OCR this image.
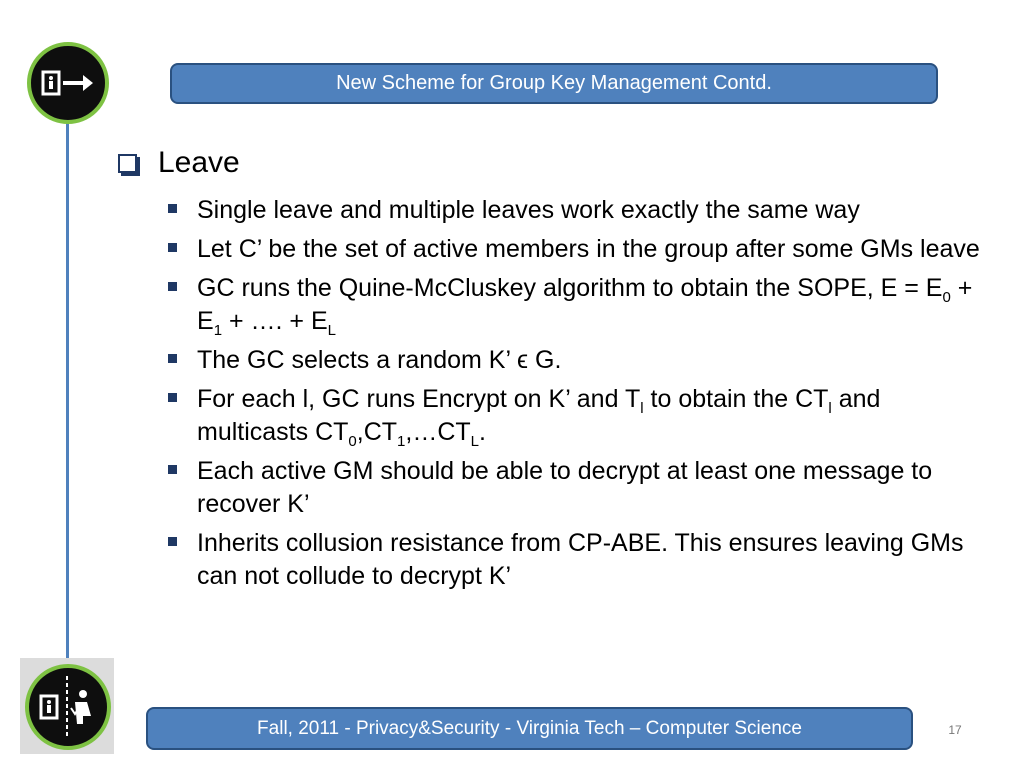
New Scheme for Group Key Management Contd.
Leave
Single leave and multiple leaves work exactly the same way
Let C’ be the set of active members in the group after some GMs leave
GC runs the Quine-McCluskey algorithm to obtain the SOPE, $E = E_0 + E_1$ + …. + $E_L$
The GC selects a random K’ ϵ G.
For each l, GC runs Encrypt on K’ and $T_l$ to obtain the $CT_l$ and multicasts $CT_0,CT_1,\dots CT_L$.
Each active GM should be able to decrypt at least one message to recover K’
Inherits collusion resistance from CP-ABE. This ensures leaving GMs can not collude to decrypt K’
Fall, 2011 - Privacy&Security - Virginia Tech – Computer Science	17
